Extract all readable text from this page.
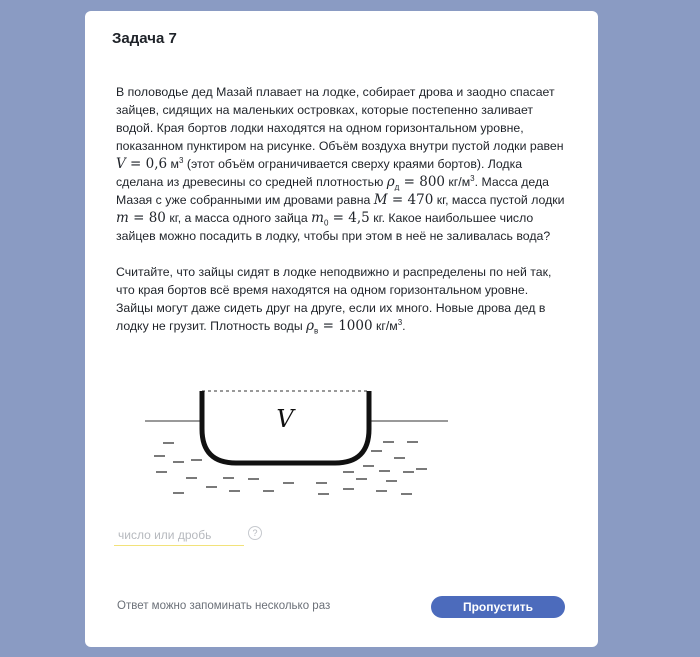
Задача 7

В половодье дед Мазай плавает на лодке, собирает дрова и заодно спасает зайцев, сидящих на маленьких островках, которые постепенно заливает водой. Края бортов лодки находятся на одном горизонтальном уровне, показанном пунктиром на рисунке. Объём воздуха внутри пустой лодки равен V = 0,6 $м^3$ (этот объём ограничивается сверху краями бортов). Лодка сделана из древесины со средней плотностью $\rho_д = 800$ $кг/м^3$. Масса деда Мазая с уже собранными им дровами равна M = 470 кг, масса пустой лодки m = 80 кг, а масса одного зайца $m_0 = 4,5$ кг. Какое наибольшее число зайцев можно посадить в лодку, чтобы при этом в неё не заливалась вода?

Считайте, что зайцы сидят в лодке неподвижно и распределены по ней так, что края бортов всё время находятся на одном горизонтальном уровне. Зайцы могут даже сидеть друг на друге, если их много. Новые дрова дед в лодку не грузит. Плотность воды $\rho_в = 1000$ $кг/м^3$.

V
число или дробь
?
Ответ можно запоминать несколько раз	Пропустить
